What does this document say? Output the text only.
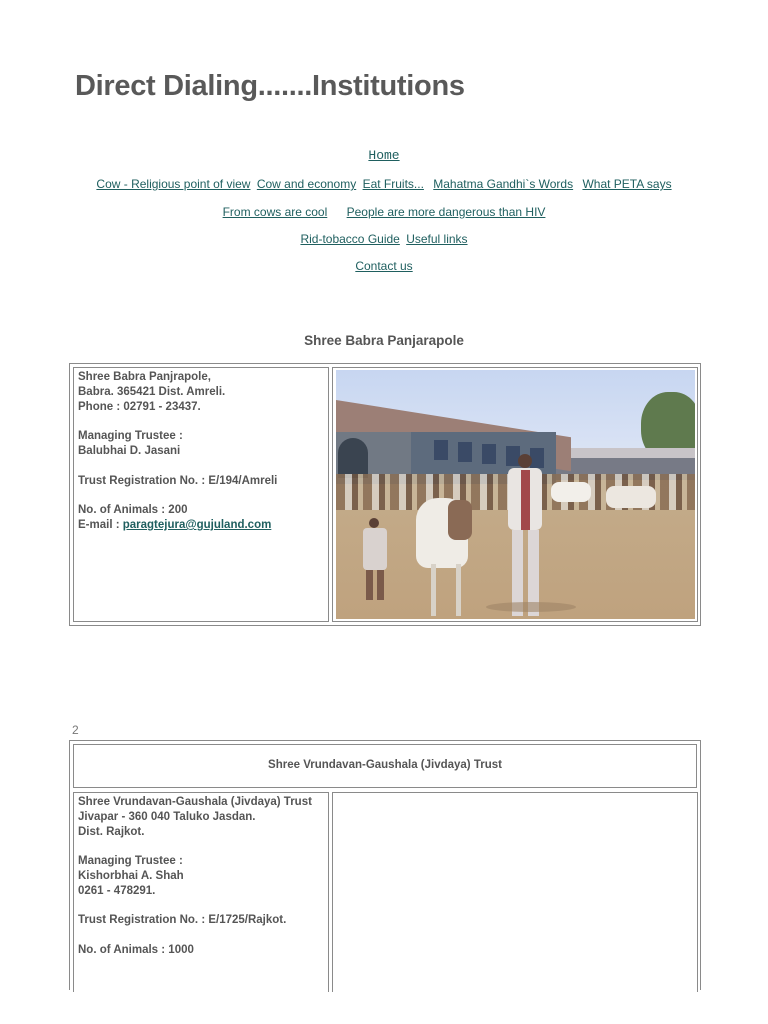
Direct Dialing.......Institutions
Home
Cow - Religious point of view Cow and economy Eat Fruits... Mahatma Gandhi`s Words What PETA says
From cows are cool People are more dangerous than HIV
Rid-tobacco Guide Useful links
Contact us
Shree Babra Panjarapole
Shree Babra Panjrapole,
Babra. 365421 Dist. Amreli.
Phone : 02791 - 23437.
Managing Trustee :
Balubhai D. Jasani
Trust Registration No. : E/194/Amreli
No. of Animals : 200
E-mail : paragtejura@gujuland.com
2
Shree Vrundavan-Gaushala (Jivdaya) Trust
Shree Vrundavan-Gaushala (Jivdaya) Trust
Jivapar - 360 040 Taluko Jasdan.
Dist. Rajkot.
Managing Trustee :
Kishorbhai A. Shah
0261 - 478291.
Trust Registration No. : E/1725/Rajkot.
No. of Animals : 1000
